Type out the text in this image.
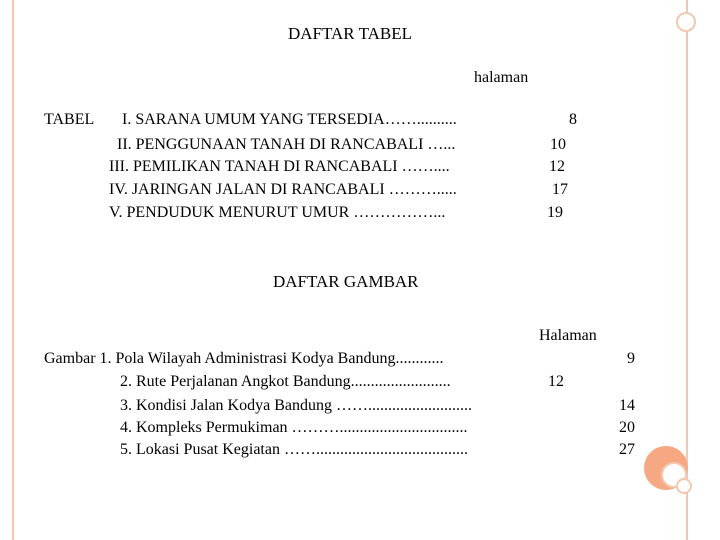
DAFTAR TABEL
halaman
TABEL I. SARANA UMUM YANG TERSEDIA……..........	8
II. PENGGUNAAN TANAH DI RANCABALI …...	10
III. PEMILIKAN TANAH DI RANCABALI ……....	12
IV. JARINGAN JALAN DI RANCABALI ……….....	17
V. PENDUDUK MENURUT UMUR ……………...	19
DAFTAR GAMBAR
Halaman
Gambar 1. Pola Wilayah Administrasi Kodya Bandung............	9
2. Rute Perjalanan Angkot Bandung.........................	12
3. Kondisi Jalan Kodya Bandung ……..........................	14
4. Kompleks Permukiman ………................................	20
5. Lokasi Pusat Kegiatan ……......................................	27
